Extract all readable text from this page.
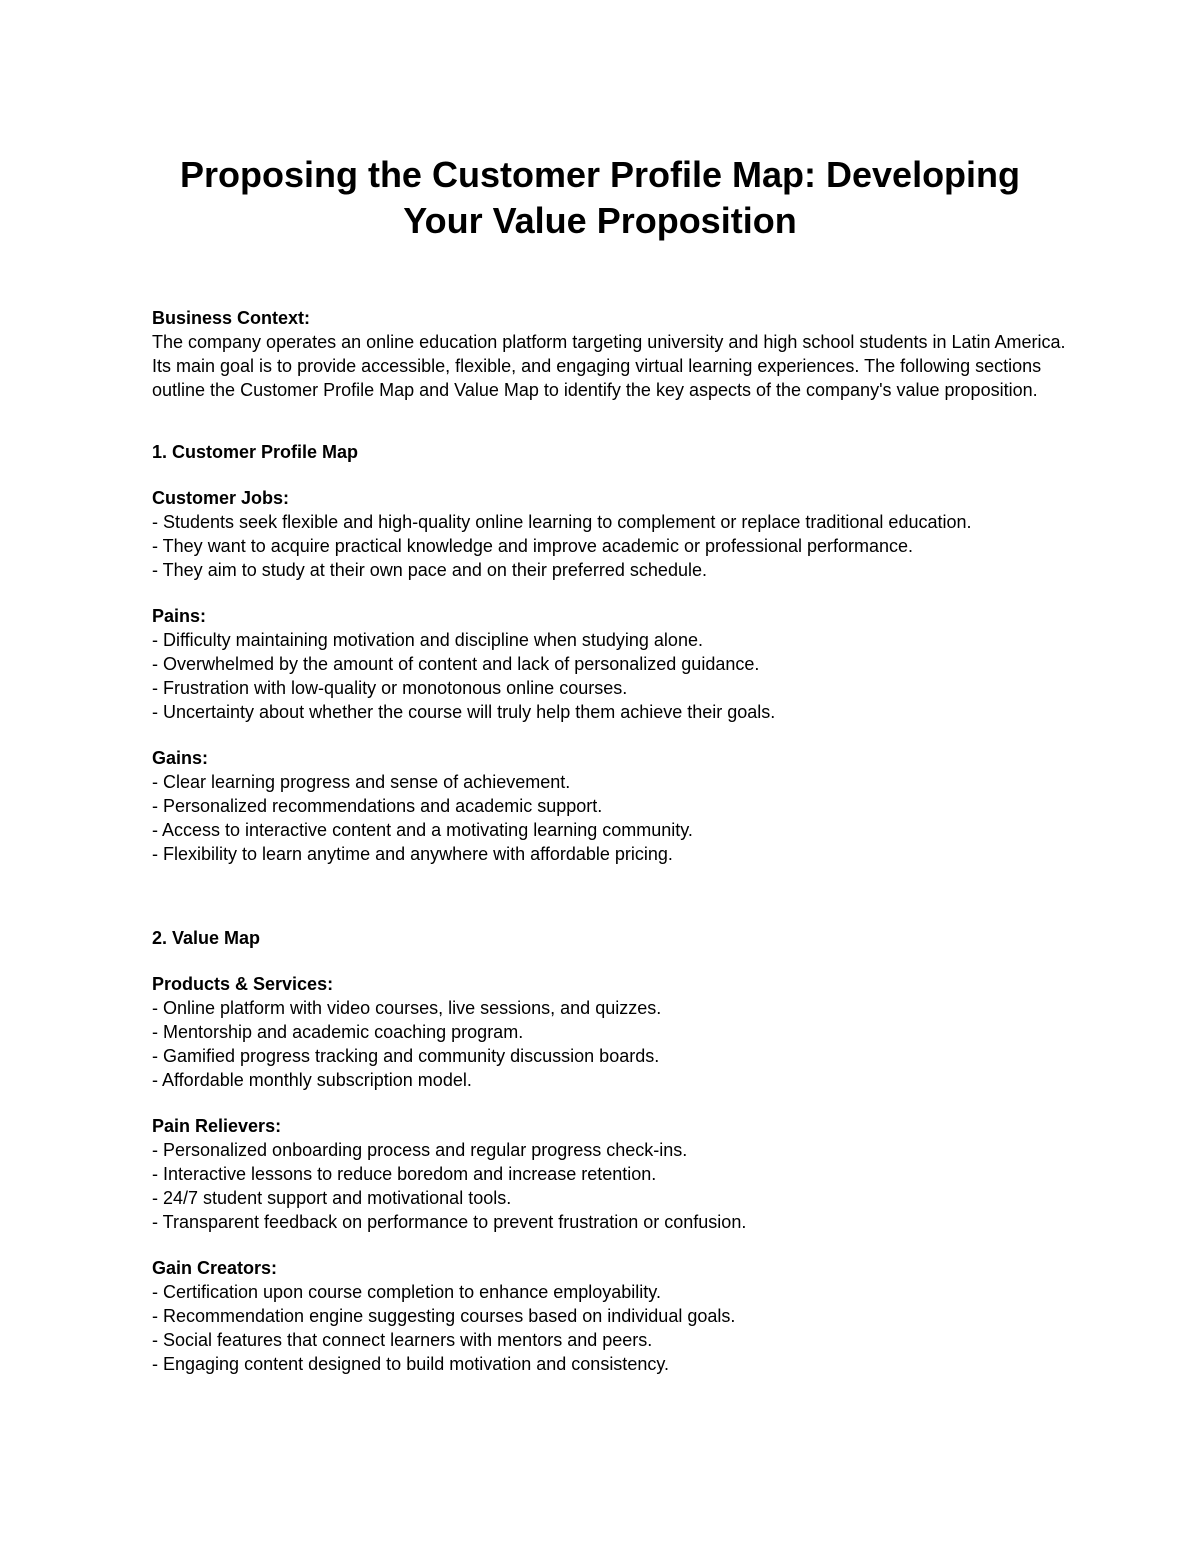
Proposing the Customer Profile Map: Developing
Your Value Proposition

Business Context:

The company operates an online education platform targeting university and high school students in Latin America. Its main goal is to provide accessible, flexible, and engaging virtual learning experiences. The following sections outline the Customer Profile Map and Value Map to identify the key aspects of the company's value proposition.

1. Customer Profile Map

Customer Jobs:

- Students seek flexible and high-quality online learning to complement or replace traditional education.

- They want to acquire practical knowledge and improve academic or professional performance.

- They aim to study at their own pace and on their preferred schedule.

Pains:

- Difficulty maintaining motivation and discipline when studying alone.

- Overwhelmed by the amount of content and lack of personalized guidance.

- Frustration with low-quality or monotonous online courses.

- Uncertainty about whether the course will truly help them achieve their goals.

Gains:

- Clear learning progress and sense of achievement.

- Personalized recommendations and academic support.

- Access to interactive content and a motivating learning community.

- Flexibility to learn anytime and anywhere with affordable pricing.

2. Value Map

Products & Services:

- Online platform with video courses, live sessions, and quizzes.

- Mentorship and academic coaching program.

- Gamified progress tracking and community discussion boards.

- Affordable monthly subscription model.

Pain Relievers:

- Personalized onboarding process and regular progress check-ins.

- Interactive lessons to reduce boredom and increase retention.

- 24/7 student support and motivational tools.

- Transparent feedback on performance to prevent frustration or confusion.

Gain Creators:

- Certification upon course completion to enhance employability.

- Recommendation engine suggesting courses based on individual goals.

- Social features that connect learners with mentors and peers.

- Engaging content designed to build motivation and consistency.
